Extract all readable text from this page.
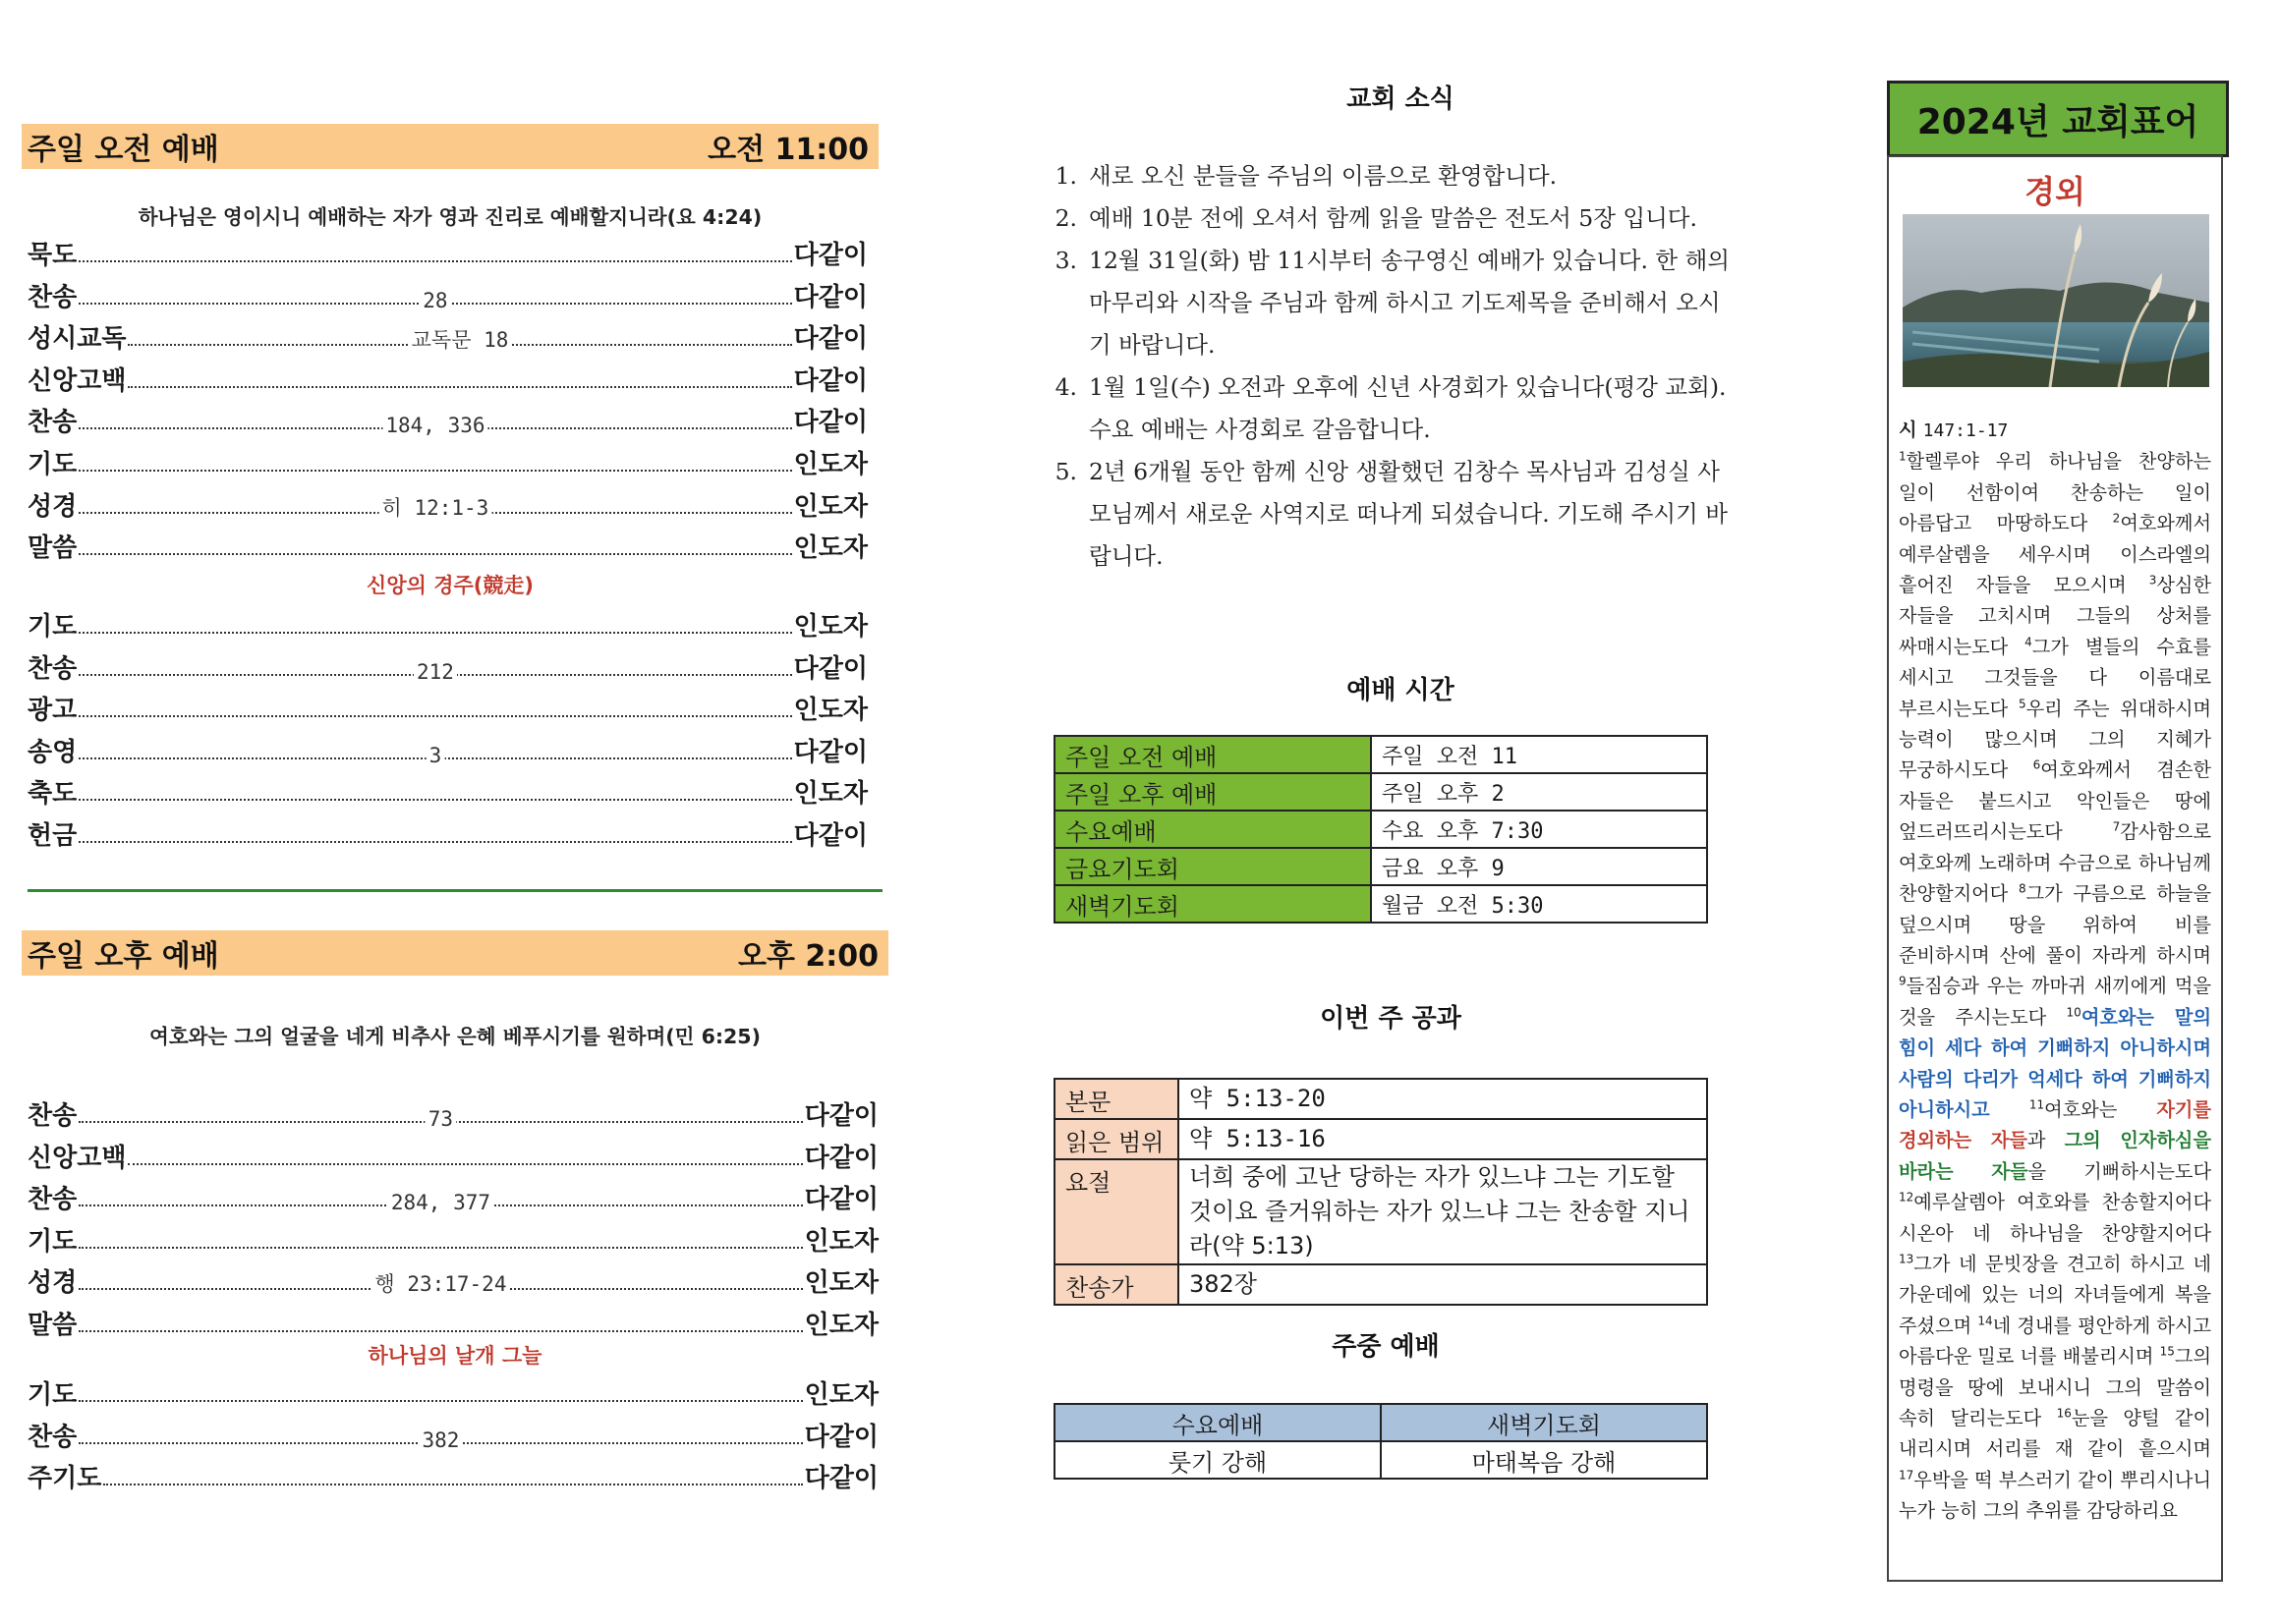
주일 오전 예배	오전 11:00
하나님은 영이시니 예배하는 자가 영과 진리로 예배할지니라(요 4:24)
묵도	다같이
찬송	28	다같이
성시교독	교독문 18	다같이
신앙고백	다같이
찬송	184, 336	다같이
기도	인도자
성경	히 12:1-3	인도자
말씀	인도자
신앙의 경주(競走)
기도	인도자
찬송	212	다같이
광고	인도자
송영	3	다같이
축도	인도자
헌금	다같이
주일 오후 예배	오후 2:00
여호와는 그의 얼굴을 네게 비추사 은혜 베푸시기를 원하며(민 6:25)
찬송	73	다같이
신앙고백	다같이
찬송	284, 377	다같이
기도	인도자
성경	행 23:17-24	인도자
말씀	인도자
하나님의 날개 그늘
기도	인도자
찬송	382	다같이
주기도	다같이
교회 소식
1. 새로 오신 분들을 주님의 이름으로 환영합니다.
2. 예배 10분 전에 오셔서 함께 읽을 말씀은 전도서 5장 입니다.
3. 12월 31일(화) 밤 11시부터 송구영신 예배가 있습니다. 한 해의 마무리와 시작을 주님과 함께 하시고 기도제목을 준비해서 오시기 바랍니다.
4. 1월 1일(수) 오전과 오후에 신년 사경회가 있습니다(평강 교회). 수요 예배는 사경회로 갈음합니다.
5. 2년 6개월 동안 함께 신앙 생활했던 김창수 목사님과 김성실 사모님께서 새로운 사역지로 떠나게 되셨습니다. 기도해 주시기 바랍니다.
예배 시간
주일 오전 예배	주일 오전 11
주일 오후 예배	주일 오후 2
수요예배	수요 오후 7:30
금요기도회	금요 오후 9
새벽기도회	월금 오전 5:30
이번 주 공과
본문	약 5:13-20
읽은 범위	약 5:13-16
요절	너희 중에 고난 당하는 자가 있느냐 그는 기도할 것이요 즐거워하는 자가 있느냐 그는 찬송할 지니라(약 5:13)
찬송가	382장
주중 예배
수요예배	새벽기도회
룻기 강해	마태복음 강해
2024년 교회표어
경외
시 147:1-17
$^1$할렐루야 우리 하나님을 찬양하는 일이 선함이여 찬송하는 일이 아름답고 마땅하도다 $^2$여호와께서 예루살렘을 세우시며 이스라엘의 흩어진 자들을 모으시며 $^3$상심한 자들을 고치시며 그들의 상처를 싸매시는도다 $^4$그가 별들의 수효를 세시고 그것들을 다 이름대로 부르시는도다 $^5$우리 주는 위대하시며 능력이 많으시며 그의 지혜가 무궁하시도다 $^6$여호와께서 겸손한 자들은 붙드시고 악인들은 땅에 엎드러뜨리시는도다 $^7$감사함으로 여호와께 노래하며 수금으로 하나님께 찬양할지어다 $^8$그가 구름으로 하늘을 덮으시며 땅을 위하여 비를 준비하시며 산에 풀이 자라게 하시며 $^9$들짐승과 우는 까마귀 새끼에게 먹을 것을 주시는도다 $^{10}$여호와는 말의 힘이 세다 하여 기뻐하지 아니하시며 사람의 다리가 억세다 하여 기뻐하지 아니하시고	$^{11}$여호와는 자기를 경외하는 자들과 그의 인자하심을 바라는 자들을 기뻐하시는도다 $^{12}$예루살렘아 여호와를 찬송할지어다 시온아 네 하나님을 찬양할지어다 $^{13}$그가 네 문빗장을 견고히 하시고 네 가운데에 있는 너의 자녀들에게 복을 주셨으며 $^{14}$네 경내를 평안하게 하시고 아름다운 밀로 너를 배불리시며 $^{15}$그의 명령을 땅에 보내시니 그의 말씀이 속히 달리는도다 $^{16}$눈을 양털 같이 내리시며 서리를 재 같이 흩으시며 $^{17}$우박을 떡 부스러기 같이 뿌리시나니 누가 능히 그의 추위를 감당하리요
